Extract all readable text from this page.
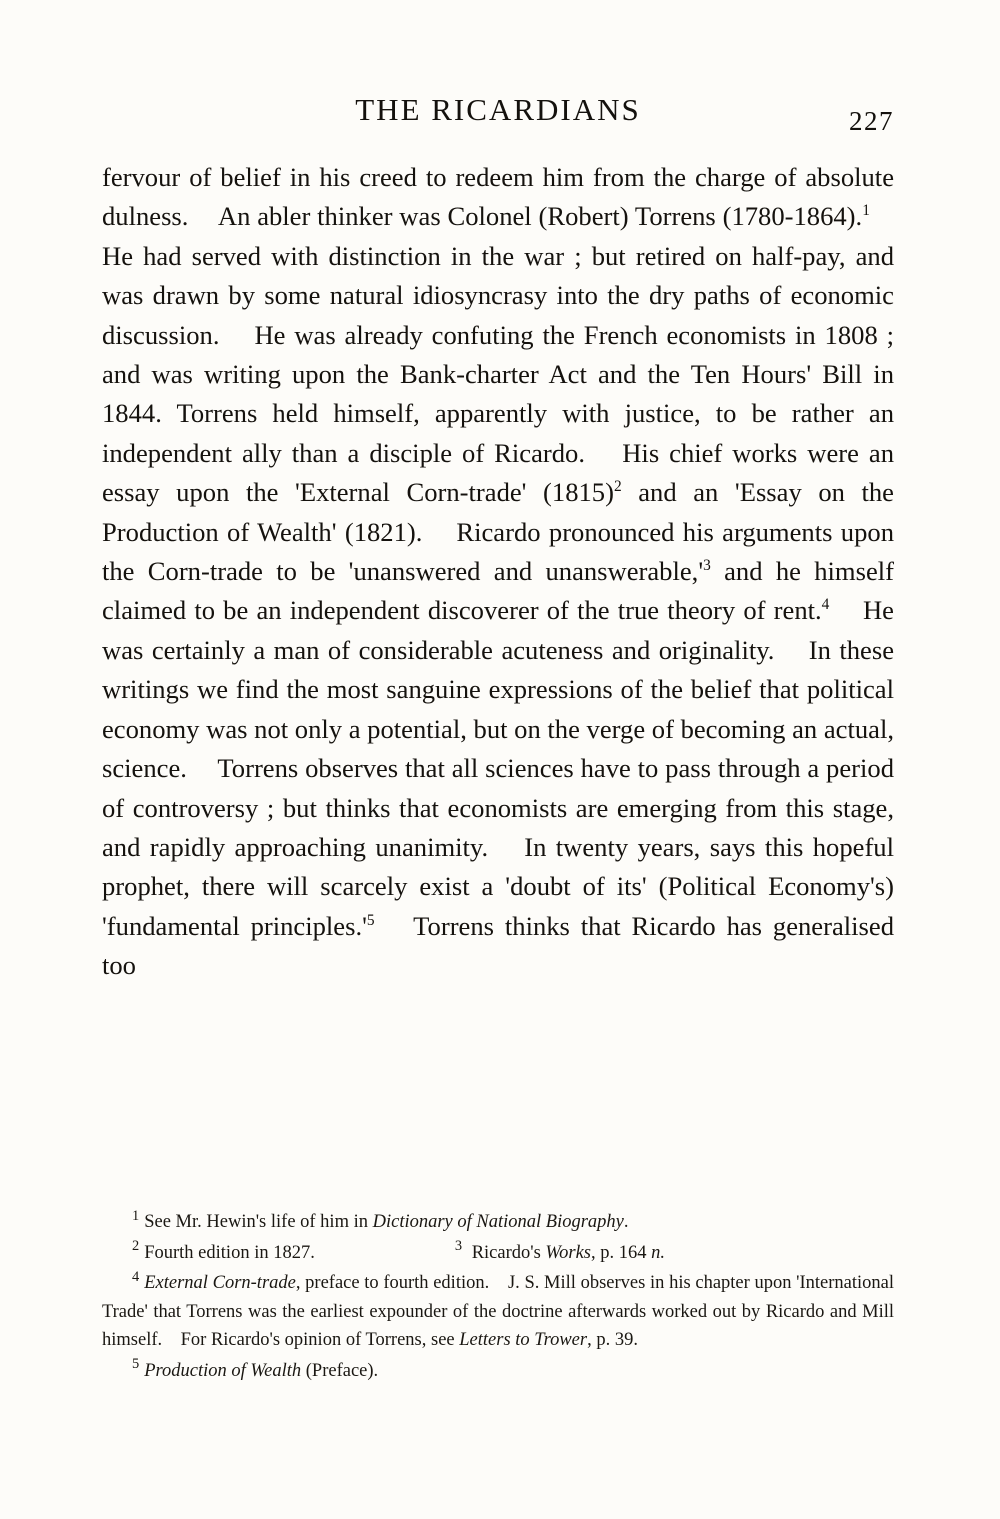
THE RICARDIANS	227

fervour of belief in his creed to redeem him from the charge of absolute dulness.  An abler thinker was Colonel (Robert) Torrens (1780-1864).$^1$  He had served with distinction in the war ; but retired on half-pay, and was drawn by some natural idiosyncrasy into the dry paths of economic discussion.  He was already confuting the French economists in 1808 ; and was writing upon the Bank-charter Act and the Ten Hours' Bill in 1844. Torrens held himself, apparently with justice, to be rather an independent ally than a disciple of Ricardo.  His chief works were an essay upon the 'External Corn-trade' $(1815)^2$ and an 'Essay on the Production of Wealth' (1821).  Ricardo pronounced his arguments upon the Corn-trade to be 'unanswered and $unanswerable,'^3$ and he himself claimed to be an independent discoverer of the true theory of rent.$^4$  He was certainly a man of considerable acuteness and originality.  In these writings we find the most sanguine expressions of the belief that political economy was not only a potential, but on the verge of becoming an actual, science.  Torrens observes that all sciences have to pass through a period of controversy ; but thinks that economists are emerging from this stage, and rapidly approaching unanimity.  In twenty years, says this hopeful prophet, there will scarcely exist a 'doubt of its' (Political Economy's) 'fundamental $principles.'^5$  Torrens thinks that Ricardo has generalised too

$^1$ See Mr. Hewin's life of him in Dictionary of National Biography.

$^2$ Fourth edition in 1827.	$^3$ Ricardo's Works, p. 164 n.

$^4$ External Corn-trade, preface to fourth edition.    J. S. Mill observes in his chapter upon 'International Trade' that Torrens was the earliest expounder of the doctrine afterwards worked out by Ricardo and Mill himself.    For Ricardo's opinion of Torrens, see Letters to Trower, p. 39.

$^5$ Production of Wealth (Preface).
